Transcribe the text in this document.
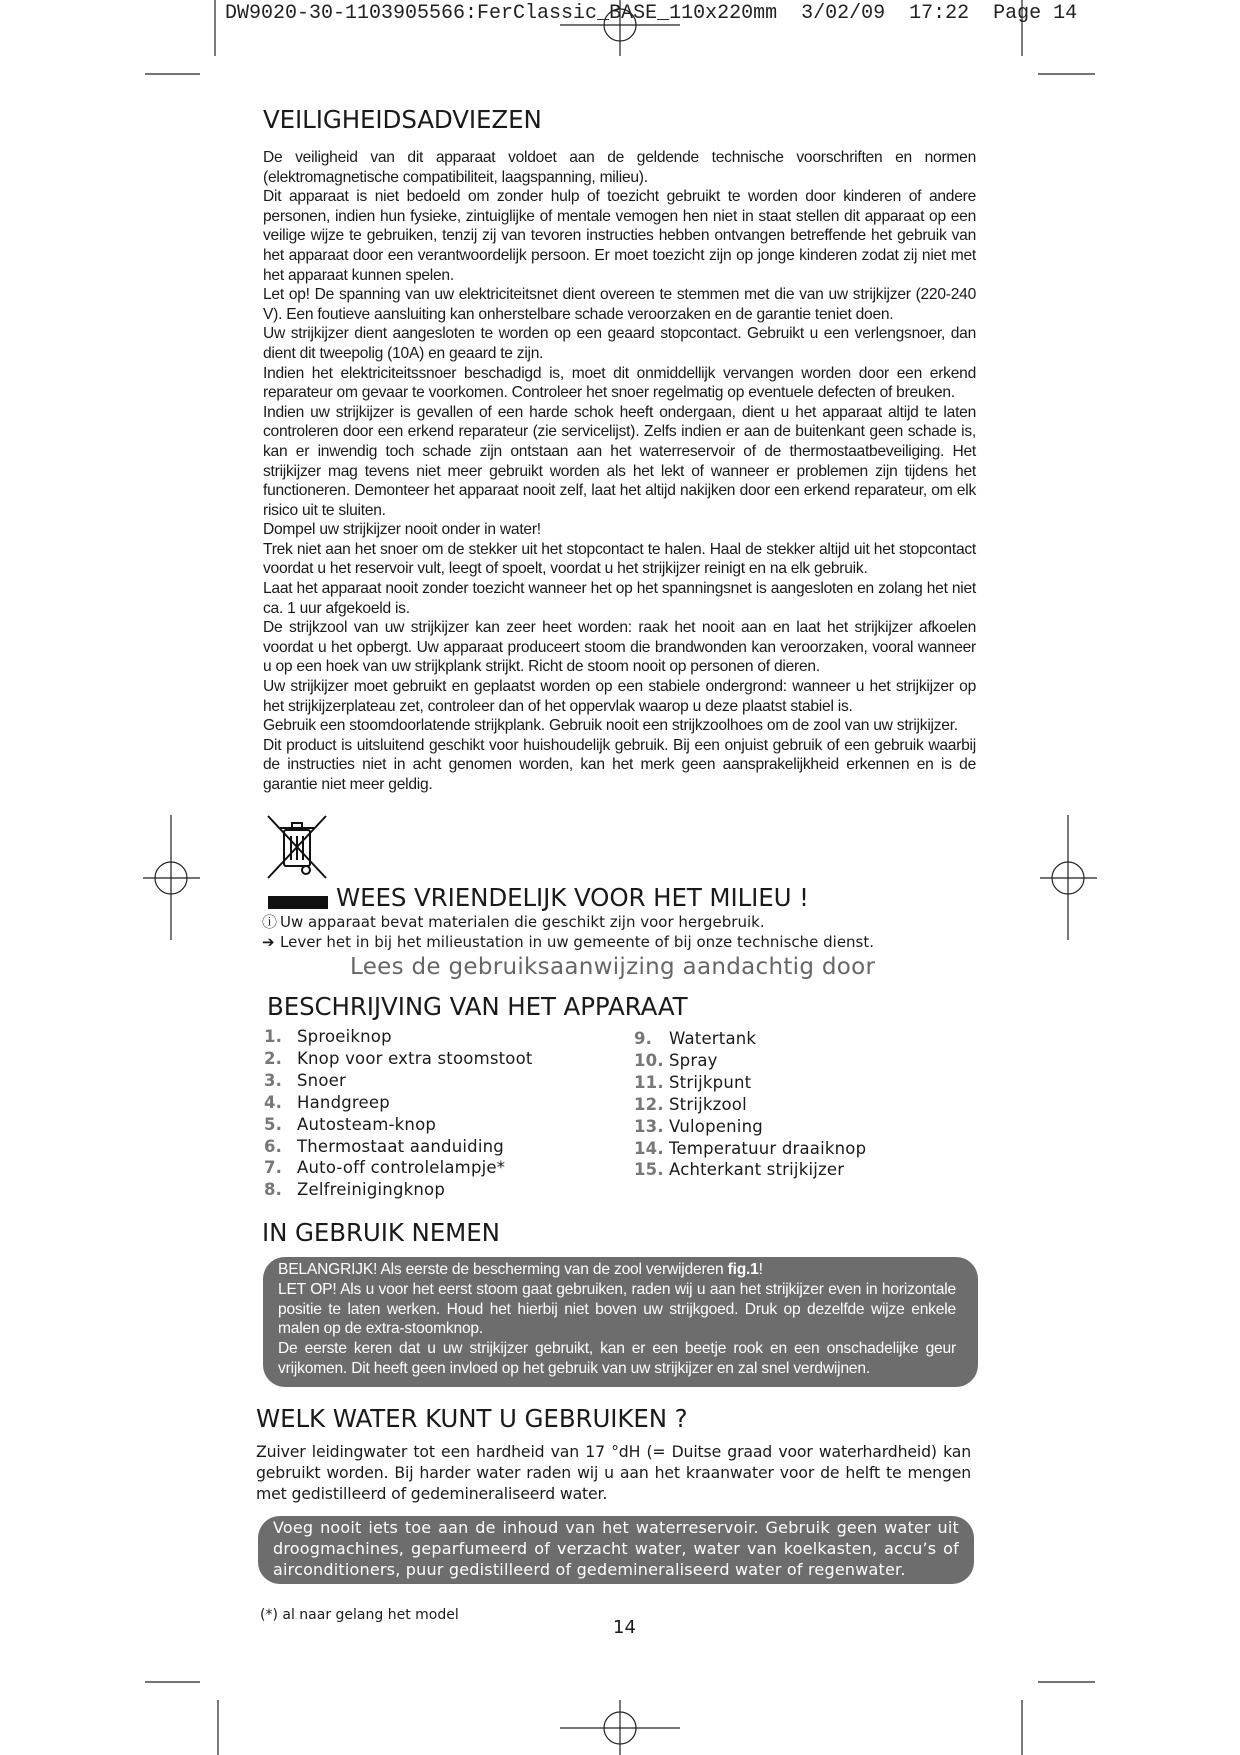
DW9020-30-1103905566:FerClassic_BASE_110x220mm  3/02/09  17:22  Page 14
VEILIGHEIDSADVIEZEN

De veiligheid van dit apparaat voldoet aan de geldende technische voorschriften en normen (elektromagnetische compatibiliteit, laagspanning, milieu).

Dit apparaat is niet bedoeld om zonder hulp of toezicht gebruikt te worden door kinderen of andere personen, indien hun fysieke, zintuiglijke of mentale vemogen hen niet in staat stellen dit apparaat op een veilige wijze te gebruiken, tenzij zij van tevoren instructies hebben ontvangen betreffende het gebruik van het apparaat door een verantwoordelijk persoon. Er moet toezicht zijn op jonge kinderen zodat zij niet met het apparaat kunnen spelen.

Let op! De spanning van uw elektriciteitsnet dient overeen te stemmen met die van uw strijkijzer (220-240 V). Een foutieve aansluiting kan onherstelbare schade veroorzaken en de garantie teniet doen.

Uw strijkijzer dient aangesloten te worden op een geaard stopcontact. Gebruikt u een verlengsnoer, dan dient dit tweepolig (10A) en geaard te zijn.

Indien het elektriciteitssnoer beschadigd is, moet dit onmiddellijk vervangen worden door een erkend reparateur om gevaar te voorkomen. Controleer het snoer regelmatig op eventuele defecten of breuken.

Indien uw strijkijzer is gevallen of een harde schok heeft ondergaan, dient u het apparaat altijd te laten controleren door een erkend reparateur (zie servicelijst). Zelfs indien er aan de buitenkant geen schade is, kan er inwendig toch schade zijn ontstaan aan het waterreservoir of de thermostaatbeveiliging. Het strijkijzer mag tevens niet meer gebruikt worden als het lekt of wanneer er problemen zijn tijdens het functioneren. Demonteer het apparaat nooit zelf, laat het altijd nakijken door een erkend reparateur, om elk risico uit te sluiten.

Dompel uw strijkijzer nooit onder in water!

Trek niet aan het snoer om de stekker uit het stopcontact te halen. Haal de stekker altijd uit het stopcontact voordat u het reservoir vult, leegt of spoelt, voordat u het strijkijzer reinigt en na elk gebruik.

Laat het apparaat nooit zonder toezicht wanneer het op het spanningsnet is aangesloten en zolang het niet ca. 1 uur afgekoeld is.

De strijkzool van uw strijkijzer kan zeer heet worden: raak het nooit aan en laat het strijkijzer afkoelen voordat u het opbergt. Uw apparaat produceert stoom die brandwonden kan veroorzaken, vooral wanneer u op een hoek van uw strijkplank strijkt. Richt de stoom nooit op personen of dieren.

Uw strijkijzer moet gebruikt en geplaatst worden op een stabiele ondergrond: wanneer u het strijkijzer op het strijkijzerplateau zet, controleer dan of het oppervlak waarop u deze plaatst stabiel is.

Gebruik een stoomdoorlatende strijkplank. Gebruik nooit een strijkzoolhoes om de zool van uw strijkijzer.

Dit product is uitsluitend geschikt voor huishoudelijk gebruik. Bij een onjuist gebruik of een gebruik waarbij de instructies niet in acht genomen worden, kan het merk geen aansprakelijkheid erkennen en is de garantie niet meer geldig.

WEES VRIENDELIJK VOOR HET MILIEU !
ⓘ Uw apparaat bevat materialen die geschikt zijn voor hergebruik.
➔ Lever het in bij het milieustation in uw gemeente of bij onze technische dienst.
Lees de gebruiksaanwijzing aandachtig door
BESCHRIJVING VAN HET APPARAAT
1. Sproeiknop
2. Knop voor extra stoomstoot
3. Snoer
4. Handgreep
5. Autosteam-knop
6. Thermostaat aanduiding
7. Auto-off controlelampje*
8. Zelfreinigingknop
9. Watertank
10. Spray
11. Strijkpunt
12. Strijkzool
13. Vulopening
14. Temperatuur draaiknop
15. Achterkant strijkijzer
IN GEBRUIK NEMEN

BELANGRIJK! Als eerste de bescherming van de zool verwijderen fig.1!

LET OP! Als u voor het eerst stoom gaat gebruiken, raden wij u aan het strijkijzer even in horizontale positie te laten werken. Houd het hierbij niet boven uw strijkgoed. Druk op dezelfde wijze enkele malen op de extra-stoomknop.

De eerste keren dat u uw strijkijzer gebruikt, kan er een beetje rook en een onschadelijke geur vrijkomen. Dit heeft geen invloed op het gebruik van uw strijkijzer en zal snel verdwijnen.

WELK WATER KUNT U GEBRUIKEN ?
Zuiver leidingwater tot een hardheid van 17 °dH (= Duitse graad voor waterhardheid) kan gebruikt worden. Bij harder water raden wij u aan het kraanwater voor de helft te mengen met gedistilleerd of gedemineraliseerd water.
Voeg nooit iets toe aan de inhoud van het waterreservoir. Gebruik geen water uit droogmachines, geparfumeerd of verzacht water, water van koelkasten, accu’s of airconditioners, puur gedistilleerd of gedemineraliseerd water of regenwater.
(*) al naar gelang het model
14
